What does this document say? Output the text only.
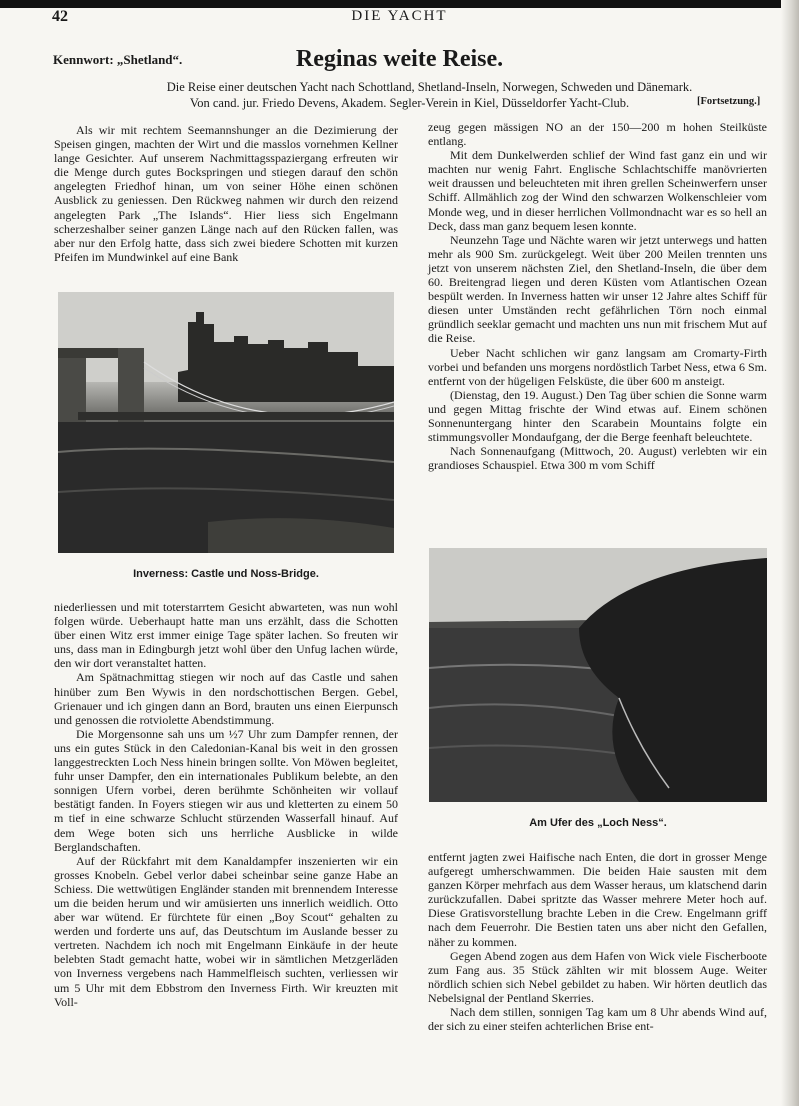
42	DIE YACHT
Kennwort: „Shetland“.	Reginas weite Reise.
Die Reise einer deutschen Yacht nach Schottland, Shetland-Inseln, Norwegen, Schweden und Dänemark.
Von cand. jur. Friedo Devens, Akadem. Segler-Verein in Kiel, Düsseldorfer Yacht-Club.	[Fortsetzung.]

Als wir mit rechtem Seemannshunger an die Dezimierung der Speisen gingen, machten der Wirt und die masslos vornehmen Kellner lange Gesichter. Auf unserem Nachmittagsspaziergang erfreuten wir die Menge durch gutes Bockspringen und stiegen darauf den schön angelegten Friedhof hinan, um von seiner Höhe einen schönen Ausblick zu geniessen. Den Rückweg nahmen wir durch den reizend angelegten Park „The Islands“. Hier liess sich Engelmann scherzeshalber seiner ganzen Länge nach auf den Rücken fallen, was aber nur den Erfolg hatte, dass sich zwei biedere Schotten mit kurzen Pfeifen im Mundwinkel auf eine Bank

Inverness: Castle und Noss-Bridge.

niederliessen und mit toterstarrtem Gesicht abwarteten, was nun wohl folgen würde. Ueberhaupt hatte man uns erzählt, dass die Schotten über einen Witz erst immer einige Tage später lachen. So freuten wir uns, dass man in Edingburgh jetzt wohl über den Unfug lachen würde, den wir dort veranstaltet hatten.

Am Spätnachmittag stiegen wir noch auf das Castle und sahen hinüber zum Ben Wywis in den nordschottischen Bergen. Gebel, Grienauer und ich gingen dann an Bord, brauten uns einen Eierpunsch und genossen die rotviolette Abendstimmung.

Die Morgensonne sah uns um ½7 Uhr zum Dampfer rennen, der uns ein gutes Stück in den Caledonian-Kanal bis weit in den grossen langgestreckten Loch Ness hinein bringen sollte. Von Möwen begleitet, fuhr unser Dampfer, den ein internationales Publikum belebte, an den sonnigen Ufern vorbei, deren berühmte Schönheiten wir vollauf bestätigt fanden. In Foyers stiegen wir aus und kletterten zu einem 50 m tief in eine schwarze Schlucht stürzenden Wasserfall hinauf. Auf dem Wege boten sich uns herrliche Ausblicke in wilde Berglandschaften.

Auf der Rückfahrt mit dem Kanaldampfer inszenierten wir ein grosses Knobeln. Gebel verlor dabei scheinbar seine ganze Habe an Schiess. Die wettwütigen Engländer standen mit brennendem Interesse um die beiden herum und wir amüsierten uns innerlich weidlich. Otto aber war wütend. Er fürchtete für einen „Boy Scout“ gehalten zu werden und forderte uns auf, das Deutschtum im Auslande besser zu vertreten. Nachdem ich noch mit Engelmann Einkäufe in der heute belebten Stadt gemacht hatte, wobei wir in sämtlichen Metzgerläden von Inverness vergebens nach Hammelfleisch suchten, verliessen wir um 5 Uhr mit dem Ebbstrom den Inverness Firth. Wir kreuzten mit Voll-

zeug gegen mässigen NO an der 150—200 m hohen Steilküste entlang.

Mit dem Dunkelwerden schlief der Wind fast ganz ein und wir machten nur wenig Fahrt. Englische Schlachtschiffe manövrierten weit draussen und beleuchteten mit ihren grellen Scheinwerfern unser Schiff. Allmählich zog der Wind den schwarzen Wolkenschleier vom Monde weg, und in dieser herrlichen Vollmondnacht war es so hell an Deck, dass man ganz bequem lesen konnte.

Neunzehn Tage und Nächte waren wir jetzt unterwegs und hatten mehr als 900 Sm. zurückgelegt. Weit über 200 Meilen trennten uns jetzt von unserem nächsten Ziel, den Shetland-Inseln, die über dem 60. Breitengrad liegen und deren Küsten vom Atlantischen Ozean bespült werden. In Inverness hatten wir unser 12 Jahre altes Schiff für diesen unter Umständen recht gefährlichen Törn noch einmal gründlich seeklar gemacht und machten uns nun mit frischem Mut auf die Reise.

Ueber Nacht schlichen wir ganz langsam am Cromarty-Firth vorbei und befanden uns morgens nordöstlich Tarbet Ness, etwa 6 Sm. entfernt von der hügeligen Felsküste, die über 600 m ansteigt.

(Dienstag, den 19. August.) Den Tag über schien die Sonne warm und gegen Mittag frischte der Wind etwas auf. Einem schönen Sonnenuntergang hinter den Scarabein Mountains folgte ein stimmungsvoller Mondaufgang, der die Berge feenhaft beleuchtete.

Nach Sonnenaufgang (Mittwoch, 20. August) verlebten wir ein grandioses Schauspiel. Etwa 300 m vom Schiff

Am Ufer des „Loch Ness“.

entfernt jagten zwei Haifische nach Enten, die dort in grosser Menge aufgeregt umherschwammen. Die beiden Haie sausten mit dem ganzen Körper mehrfach aus dem Wasser heraus, um klatschend darin zurückzufallen. Dabei spritzte das Wasser mehrere Meter hoch auf. Diese Gratisvorstellung brachte Leben in die Crew. Engelmann griff nach dem Feuerrohr. Die Bestien taten uns aber nicht den Gefallen, näher zu kommen.

Gegen Abend zogen aus dem Hafen von Wick viele Fischerboote zum Fang aus. 35 Stück zählten wir mit blossem Auge. Weiter nördlich schien sich Nebel gebildet zu haben. Wir hörten deutlich das Nebelsignal der Pentland Skerries.

Nach dem stillen, sonnigen Tag kam um 8 Uhr abends Wind auf, der sich zu einer steifen achterlichen Brise ent-
